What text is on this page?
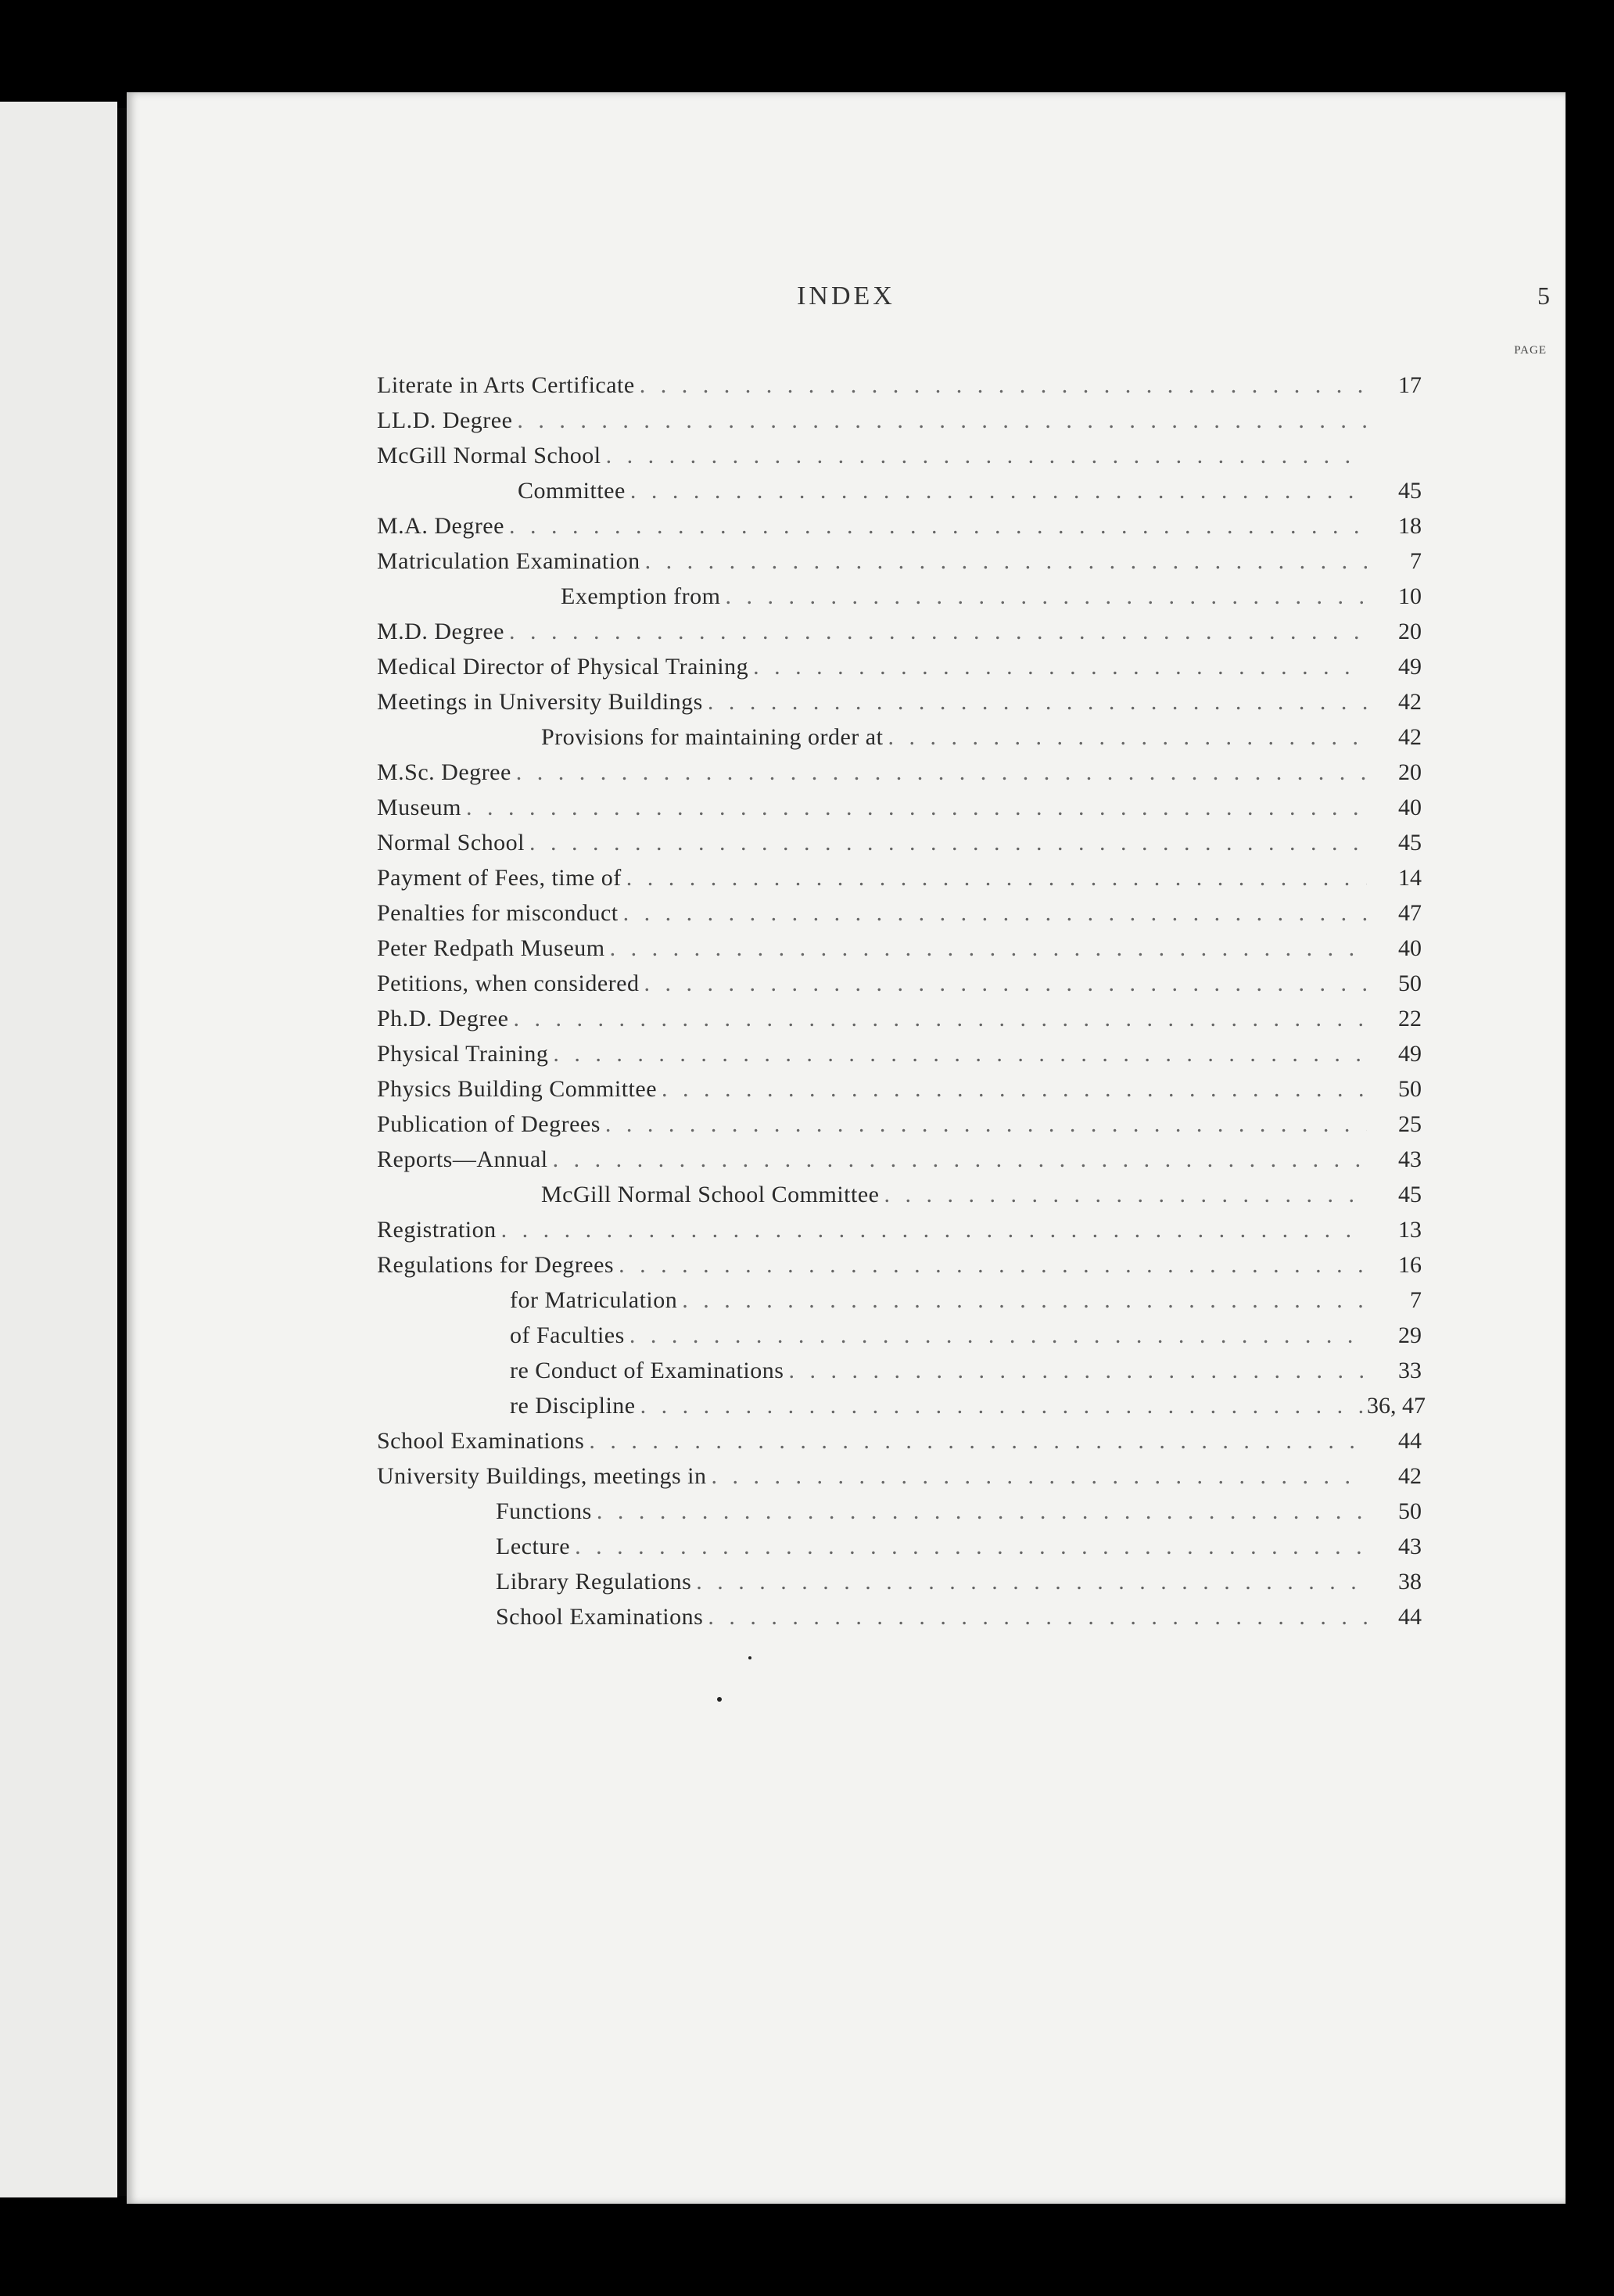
INDEX	5
PAGE
Literate in Arts Certificate . . .	17
LL.D. Degree
. . .
McGill Normal School
. . .
Committee . . .	45
M.A. Degree . . .	18
Matriculation Examination . . .	7
Exemption from . . .	10
M.D. Degree . . .	20
Medical Director of Physical Training . . .	49
Meetings in University Buildings . . .	42
Provisions for maintaining order at . . .	42
M.Sc. Degree . . .	20
Museum . . .	40
Normal School . . .	45
Payment of Fees, time of . . .	14
Penalties for misconduct . . .	47
Peter Redpath Museum . . .	40
Petitions, when considered . . .	50
Ph.D. Degree . . .	22
Physical Training . . .	49
Physics Building Committee . . .	50
Publication of Degrees . . .	25
Reports—Annual . . .	43
McGill Normal School Committee . . .	45
Registration . . .	13
Regulations for Degrees . . .	16
for Matriculation . . .	7
of Faculties . . .	29
re Conduct of Examinations . . .	33
re Discipline . . .	36, 47
School Examinations . . .	44
University Buildings, meetings in . . .	42
Functions . . .	50
Lecture . . .	43
Library Regulations . . .	38
School Examinations . . .	44
